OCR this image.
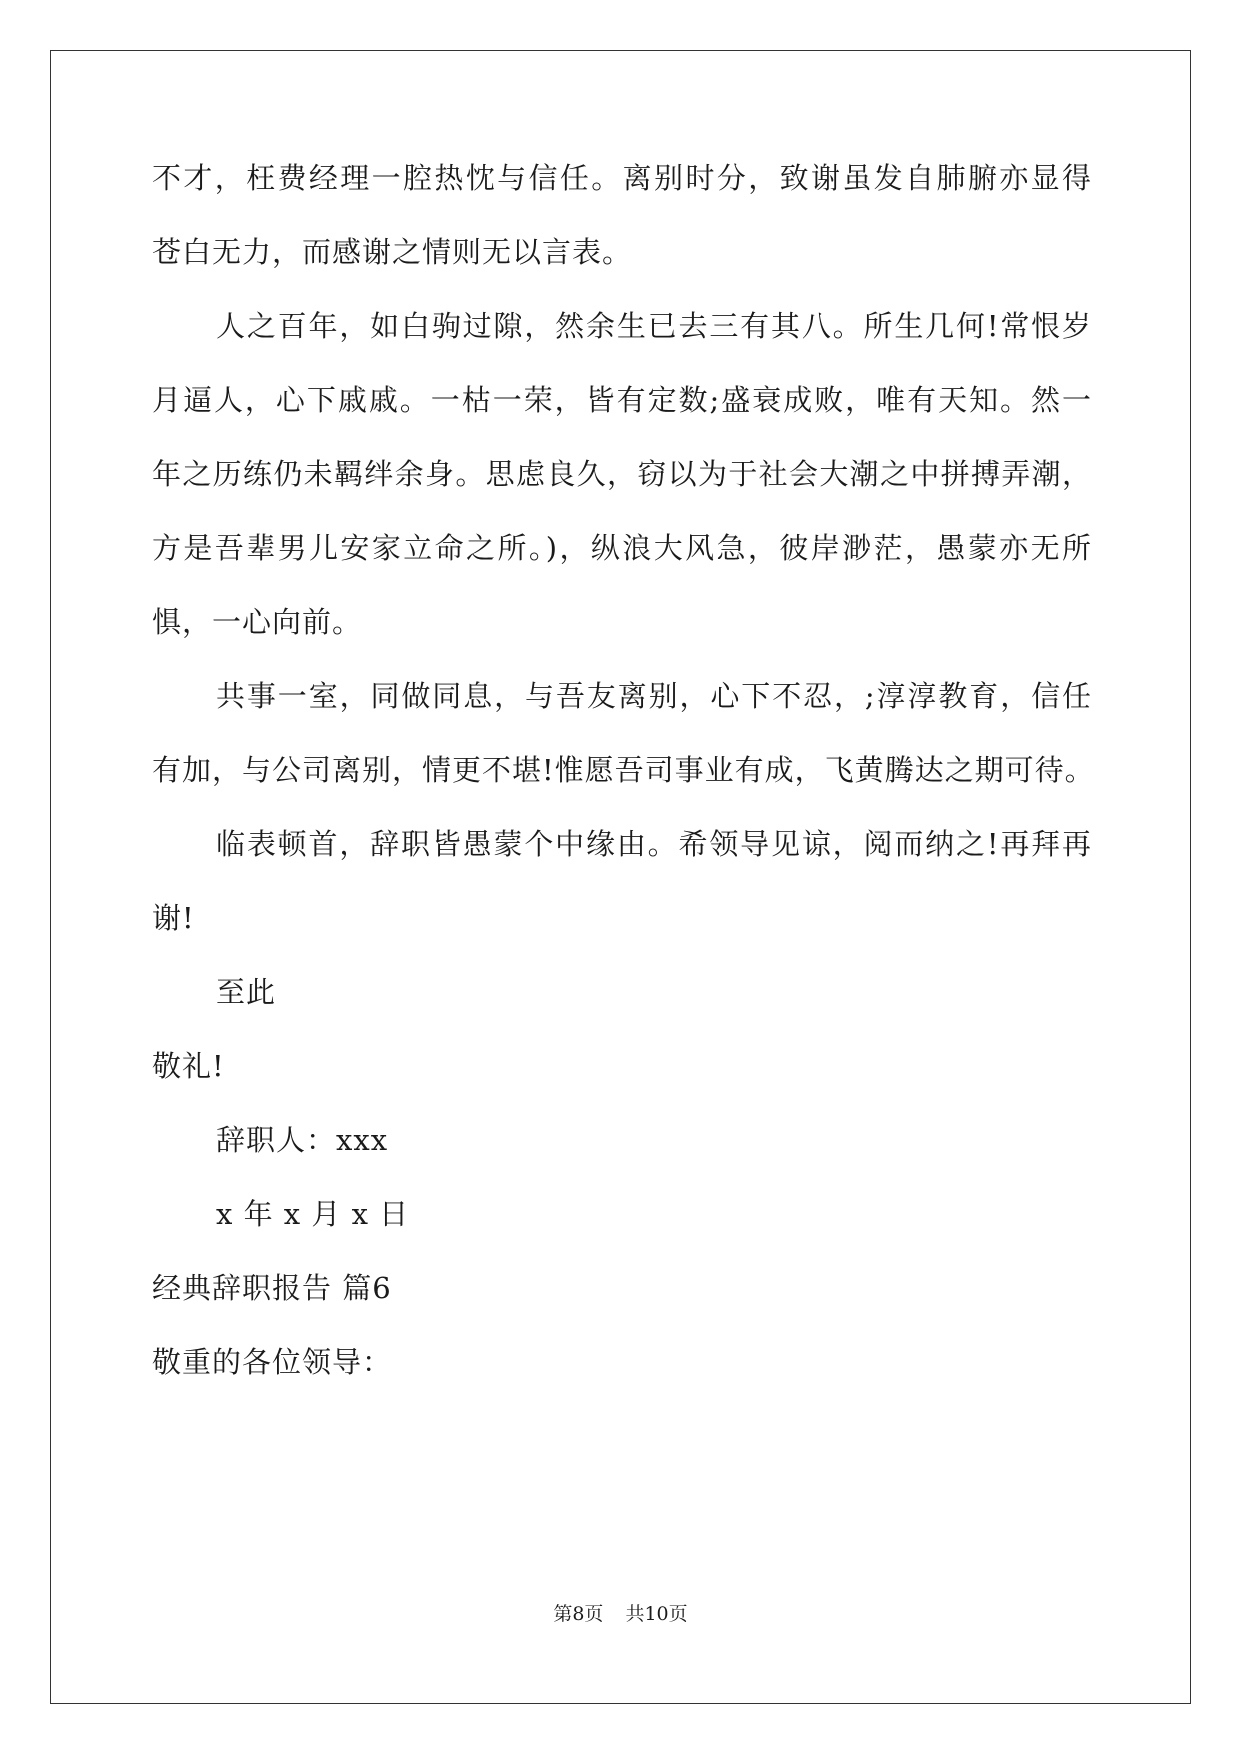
不才，枉费经理一腔热忱与信任。离别时分，致谢虽发自肺腑亦显得
苍白无力，而感谢之情则无以言表。
人之百年，如白驹过隙，然余生已去三有其八。所生几何!常恨岁
月逼人，心下戚戚。一枯一荣，皆有定数;盛衰成败，唯有天知。然一
年之历练仍未羁绊余身。思虑良久，窃以为于社会大潮之中拼搏弄潮，
方是吾辈男儿安家立命之所。)，纵浪大风急，彼岸渺茫，愚蒙亦无所
惧，一心向前。
共事一室，同做同息，与吾友离别，心下不忍，;淳淳教育，信任
有加，与公司离别，情更不堪!惟愿吾司事业有成，飞黄腾达之期可待。
临表顿首，辞职皆愚蒙个中缘由。希领导见谅，阅而纳之!再拜再
谢!
至此
敬礼!
辞职人：xxx
x 年 x 月 x 日
经典辞职报告 篇6
敬重的各位领导：
第8页 共10页
